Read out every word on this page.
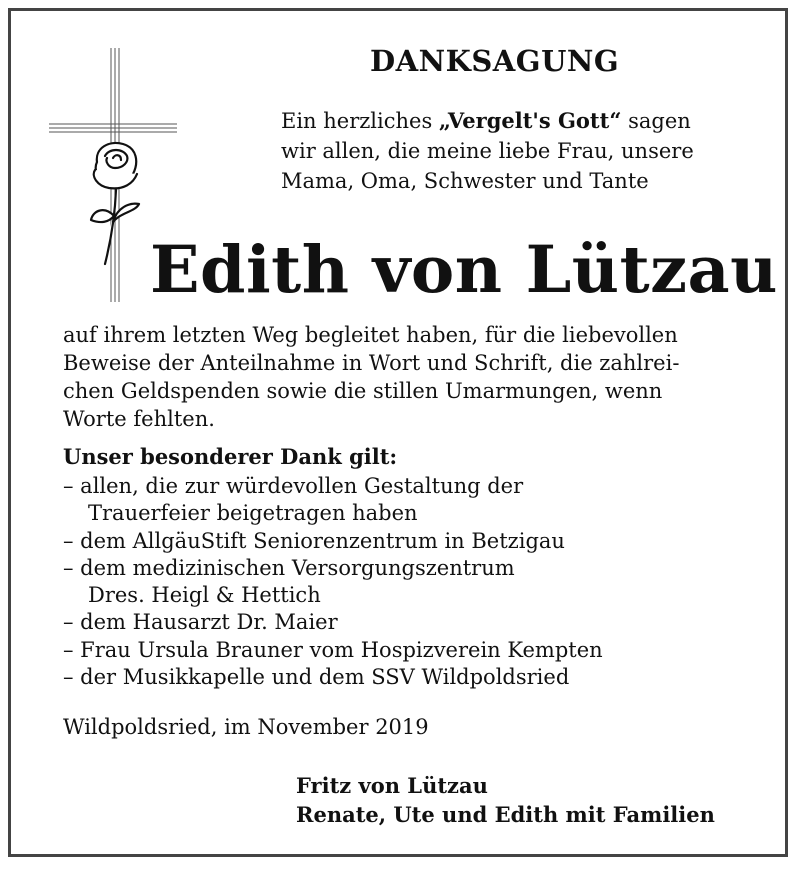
DANKSAGUNG
Ein herzliches „Vergelt's Gott“ sagen
wir allen, die meine liebe Frau, unsere
Mama, Oma, Schwester und Tante
Edith von Lützau
auf ihrem letzten Weg begleitet haben, für die liebevollen
Beweise der Anteilnahme in Wort und Schrift, die zahlrei-
chen Geldspenden sowie die stillen Umarmungen, wenn
Worte fehlten.
Unser besonderer Dank gilt:
– allen, die zur würdevollen Gestaltung der
Trauerfeier beigetragen haben
– dem AllgäuStift Seniorenzentrum in Betzigau
– dem medizinischen Versorgungszentrum
Dres. Heigl & Hettich
– dem Hausarzt Dr. Maier
– Frau Ursula Brauner vom Hospizverein Kempten
– der Musikkapelle und dem SSV Wildpoldsried
Wildpoldsried, im November 2019
Fritz von Lützau
Renate, Ute und Edith mit Familien
